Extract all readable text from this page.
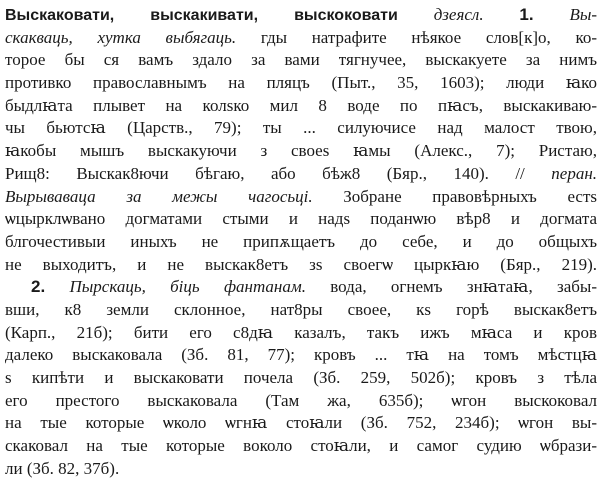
Выскаковати, выскакивати, выскоковати дзеясл. 1. Вы-
скакваць, хутка выбягаць. гды натрафите нѣякое слов[к]о, ко-
торое бы ся вамъ здало за вами тягнучее, выскакуете за нимъ
противко православнымъ на пляцъ (Пыт., 35, 1603); люди ꙗко
быдлꙗта плывет на колѕко мил 8 воде по пꙗсъ, выскакиваю-
чы бьютсꙗ (Царств., 79); ты ... силуючисе над малост твою,
ꙗкобы мышъ выскакуючи з своеѕ ꙗмы (Алекс., 7); Ристаю,
Рищ8: Выскак8ючи бѣгаю, або бѣж8 (Бяр., 140). // перан.
Вырываваца за межы чагосьці. Зобране правовѣрныхъ естѕ
ѡцырклѡвано догматами стыми и надѕ поданѡю вѣр8 и догмата
блгочестивыи иныхъ не припѫщаетъ до себе, и до общыхъ
не выходитъ, и не выскак8етъ зѕ своегѡ цыркꙗю (Бяр., 219).
2. Пырскаць, біць фантанам. вода, огнемъ знꙗтаꙗ, забы-
вши, к8 земли склонное, нат8ры своее, кѕ горѣ выскак8етъ
(Карп., 21б); бити его с8дꙗ казалъ, такъ ижъ мꙗса и кров
далеко выскаковала (Зб. 81, 77); кровъ ... тꙗ на томъ мѣстцꙗ
ѕ кипѣти и выскаковати почела (Зб. 259, 502б); кровъ з тѣла
его престого выскаковала (Там жа, 635б); ѡгон выскоковал
на тые которые ѡколо ѡгнꙗ стоꙗли (Зб. 752, 234б); ѡгон вы-
скаковал на тые которые воколо стоꙗли, и самог судию ѡбрази-
ли (Зб. 82, 37б).
